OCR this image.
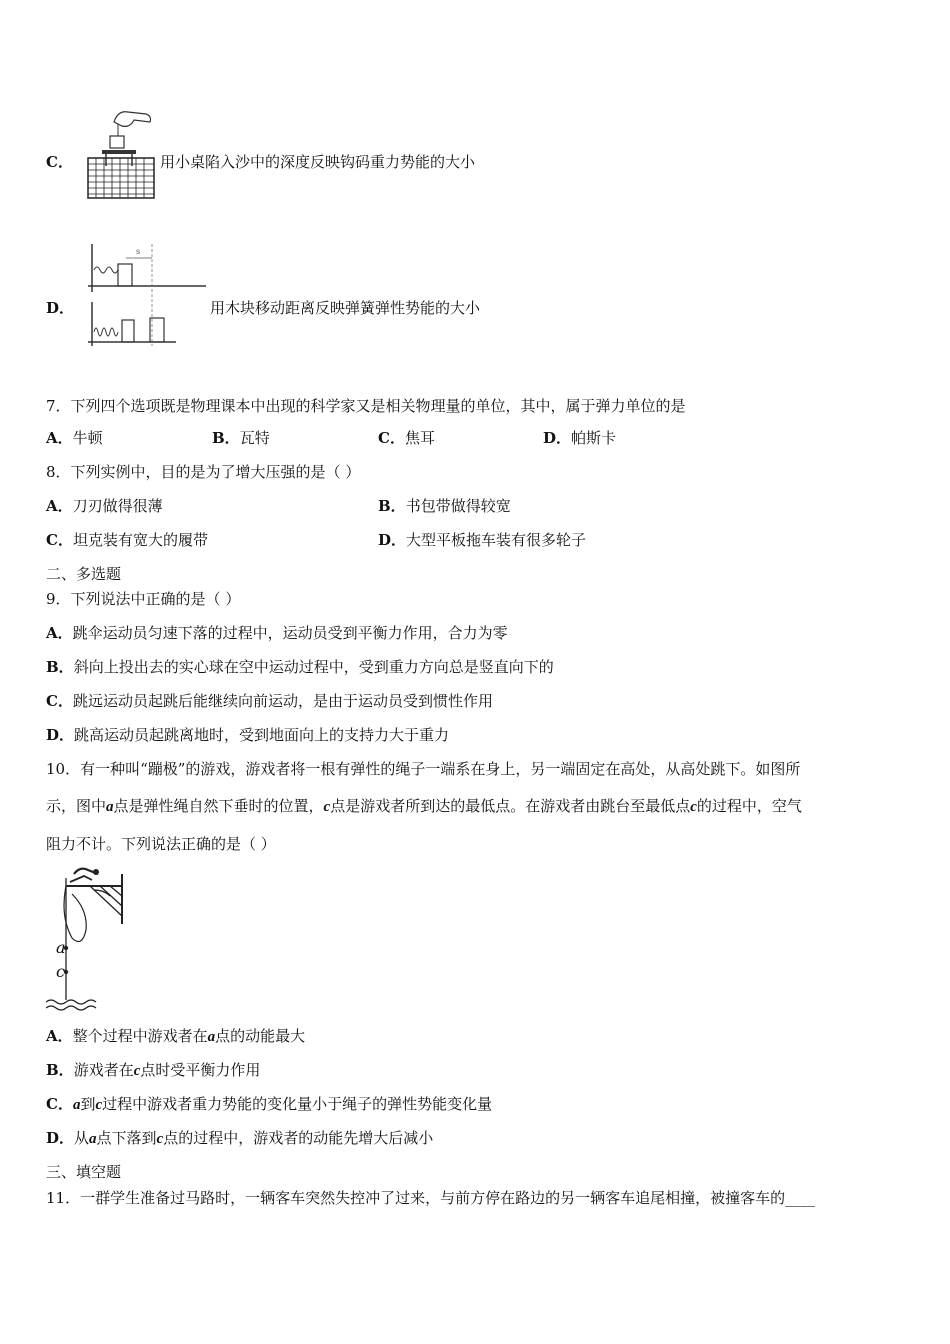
C．	用小桌陷入沙中的深度反映钩码重力势能的大小
D．
s
用木块移动距离反映弹簧弹性势能的大小
7．下列四个选项既是物理课本中出现的科学家又是相关物理量的单位，其中，属于弹力单位的是
A．牛顿	B．瓦特	C．焦耳	D．帕斯卡
8．下列实例中，目的是为了增大压强的是（ ）
A．刀刃做得很薄	B．书包带做得较宽
C．坦克装有宽大的履带	D．大型平板拖车装有很多轮子
二、多选题
9．下列说法中正确的是（ ）
A．跳伞运动员匀速下落的过程中，运动员受到平衡力作用，合力为零
B．斜向上投出去的实心球在空中运动过程中，受到重力方向总是竖直向下的
C．跳远运动员起跳后能继续向前运动，是由于运动员受到惯性作用
D．跳高运动员起跳离地时，受到地面向上的支持力大于重力
10．有一种叫“蹦极”的游戏，游戏者将一根有弹性的绳子一端系在身上，另一端固定在高处，从高处跳下。如图所
示，图中a点是弹性绳自然下垂时的位置，c点是游戏者所到达的最低点。在游戏者由跳台至最低点c的过程中，空气
阻力不计。下列说法正确的是（ ）
a
c
A．整个过程中游戏者在a点的动能最大
B．游戏者在c点时受平衡力作用
C．a到c过程中游戏者重力势能的变化量小于绳子的弹性势能变化量
D．从a点下落到c点的过程中，游戏者的动能先增大后减小
三、填空题
11．一群学生准备过马路时，一辆客车突然失控冲了过来，与前方停在路边的另一辆客车追尾相撞，被撞客车的____
